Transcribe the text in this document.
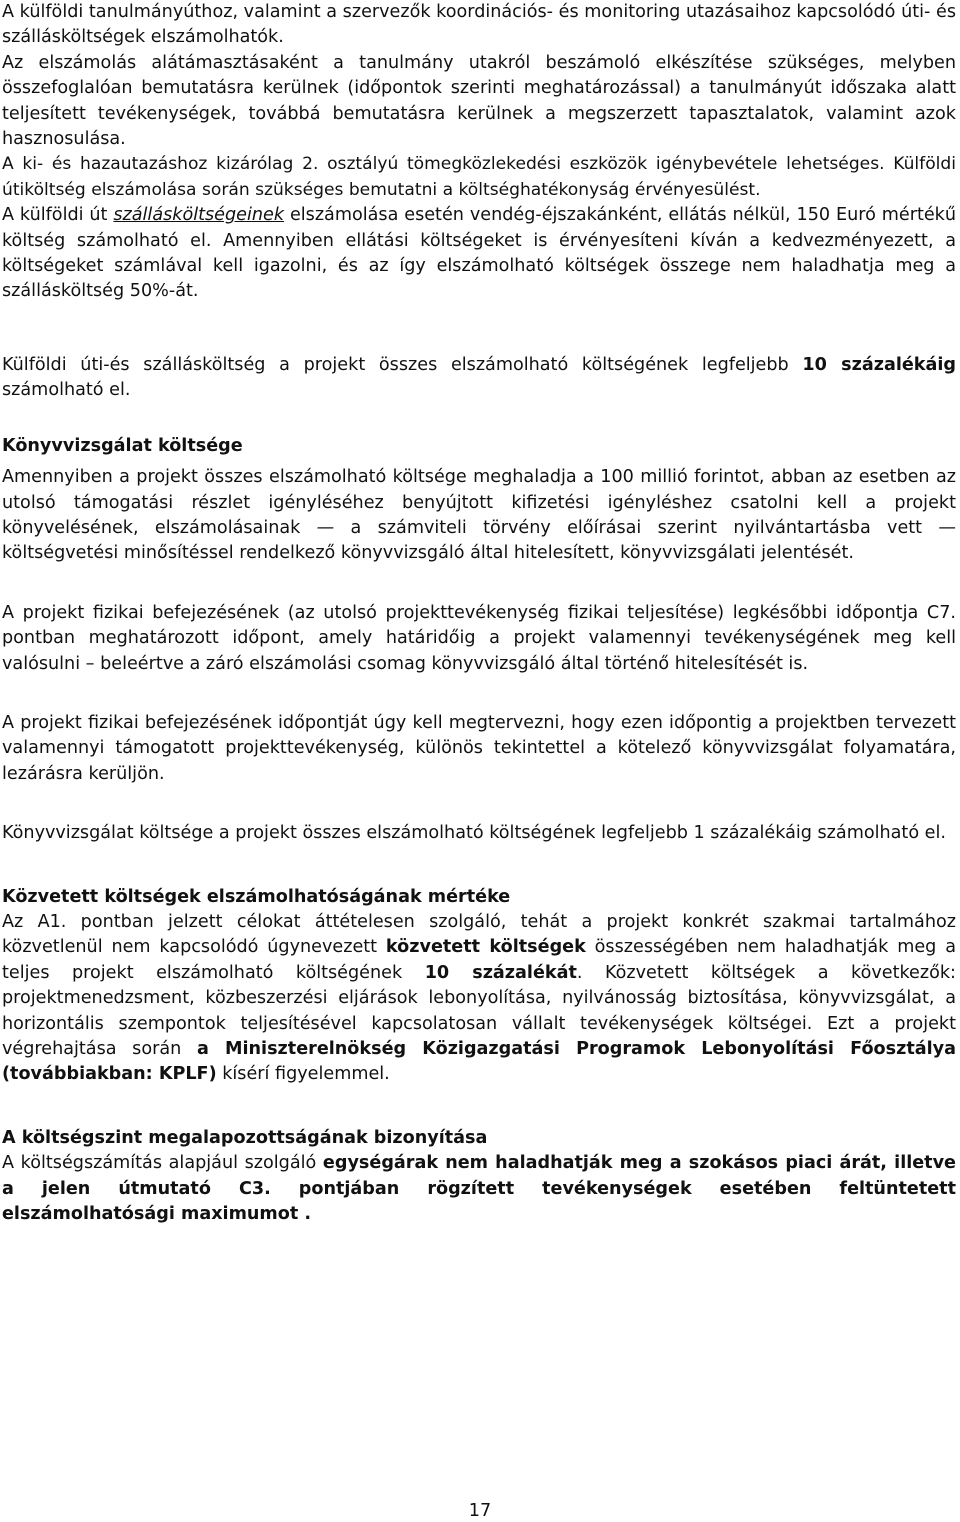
A külföldi tanulmányúthoz, valamint a szervezők koordinációs- és monitoring utazásaihoz kapcsolódó úti- és szállásköltségek elszámolhatók.

Az elszámolás alátámasztásaként a tanulmány utakról beszámoló elkészítése szükséges, melyben összefoglalóan bemutatásra kerülnek (időpontok szerinti meghatározással) a tanulmányút időszaka alatt teljesített tevékenységek, továbbá bemutatásra kerülnek a megszerzett tapasztalatok, valamint azok hasznosulása.

A ki- és hazautazáshoz kizárólag 2. osztályú tömegközlekedési eszközök igénybevétele lehetséges. Külföldi útiköltség elszámolása során szükséges bemutatni a költséghatékonyság érvényesülést.

A külföldi út szállásköltségeinek elszámolása esetén vendég-éjszakánként, ellátás nélkül, 150 Euró mértékű költség számolható el. Amennyiben ellátási költségeket is érvényesíteni kíván a kedvezményezett, a költségeket számlával kell igazolni, és az így elszámolható költségek összege nem haladhatja meg a szállásköltség 50%-át.

Külföldi úti-és szállásköltség a projekt összes elszámolható költségének legfeljebb 10 százalékáig számolható el.

Könyvvizsgálat költsége

Amennyiben a projekt összes elszámolható költsége meghaladja a 100 millió forintot, abban az esetben az utolsó támogatási részlet igényléséhez benyújtott kifizetési igényléshez csatolni kell a projekt könyvelésének, elszámolásainak — a számviteli törvény előírásai szerint nyilvántartásba vett — költségvetési minősítéssel rendelkező könyvvizsgáló által hitelesített, könyvvizsgálati jelentését.

A projekt fizikai befejezésének (az utolsó projekttevékenység fizikai teljesítése) legkésőbbi időpontja C7. pontban meghatározott időpont, amely határidőig a projekt valamennyi tevékenységének meg kell valósulni – beleértve a záró elszámolási csomag könyvvizsgáló által történő hitelesítését is.

A projekt fizikai befejezésének időpontját úgy kell megtervezni, hogy ezen időpontig a projektben tervezett valamennyi támogatott projekttevékenység, különös tekintettel a kötelező könyvvizsgálat folyamatára, lezárásra kerüljön.

Könyvvizsgálat költsége a projekt összes elszámolható költségének legfeljebb 1 százalékáig számolható el.

Közvetett költségek elszámolhatóságának mértéke

Az A1. pontban jelzett célokat áttételesen szolgáló, tehát a projekt konkrét szakmai tartalmához közvetlenül nem kapcsolódó úgynevezett közvetett költségek összességében nem haladhatják meg a teljes projekt elszámolható költségének 10 százalékát. Közvetett költségek a következők: projektmenedzsment, közbeszerzési eljárások lebonyolítása, nyilvánosság biztosítása, könyvvizsgálat, a horizontális szempontok teljesítésével kapcsolatosan vállalt tevékenységek költségei. Ezt a projekt végrehajtása során a Miniszterelnökség Közigazgatási Programok Lebonyolítási Főosztálya (továbbiakban: KPLF) kísérí figyelemmel.

A költségszint megalapozottságának bizonyítása

A költségszámítás alapjául szolgáló egységárak nem haladhatják meg a szokásos piaci árát, illetve a jelen útmutató C3. pontjában rögzített tevékenységek esetében feltüntetett elszámolhatósági maximumot .

17
